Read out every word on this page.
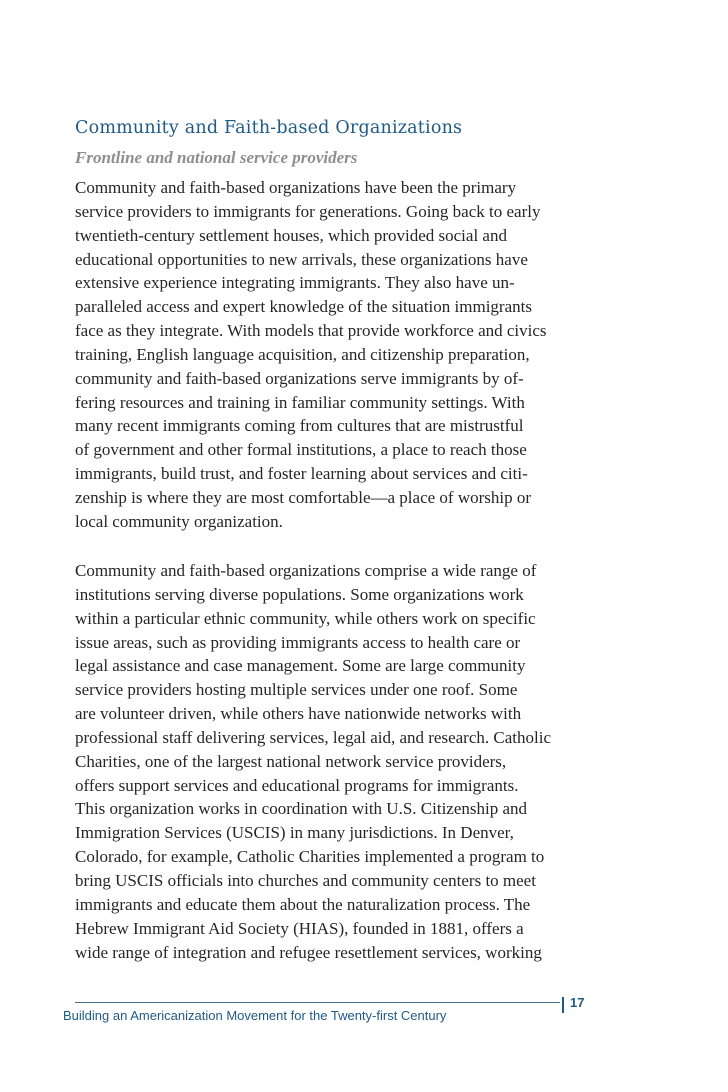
Community and Faith-based Organizations
Frontline and national service providers
Community and faith-based organizations have been the primary
service providers to immigrants for generations. Going back to early
twentieth-century settlement houses, which provided social and
educational opportunities to new arrivals, these organizations have
extensive experience integrating immigrants. They also have un-
paralleled access and expert knowledge of the situation immigrants
face as they integrate. With models that provide workforce and civics
training, English language acquisition, and citizenship preparation,
community and faith-based organizations serve immigrants by of-
fering resources and training in familiar community settings. With
many recent immigrants coming from cultures that are mistrustful
of government and other formal institutions, a place to reach those
immigrants, build trust, and foster learning about services and citi-
zenship is where they are most comfortable—a place of worship or
local community organization.
Community and faith-based organizations comprise a wide range of
institutions serving diverse populations. Some organizations work
within a particular ethnic community, while others work on specific
issue areas, such as providing immigrants access to health care or
legal assistance and case management. Some are large community
service providers hosting multiple services under one roof. Some
are volunteer driven, while others have nationwide networks with
professional staff delivering services, legal aid, and research. Catholic
Charities, one of the largest national network service providers,
offers support services and educational programs for immigrants.
This organization works in coordination with U.S. Citizenship and
Immigration Services (USCIS) in many jurisdictions. In Denver,
Colorado, for example, Catholic Charities implemented a program to
bring USCIS officials into churches and community centers to meet
immigrants and educate them about the naturalization process. The
Hebrew Immigrant Aid Society (HIAS), founded in 1881, offers a
wide range of integration and refugee resettlement services, working
17
Building an Americanization Movement for the Twenty-first Century
